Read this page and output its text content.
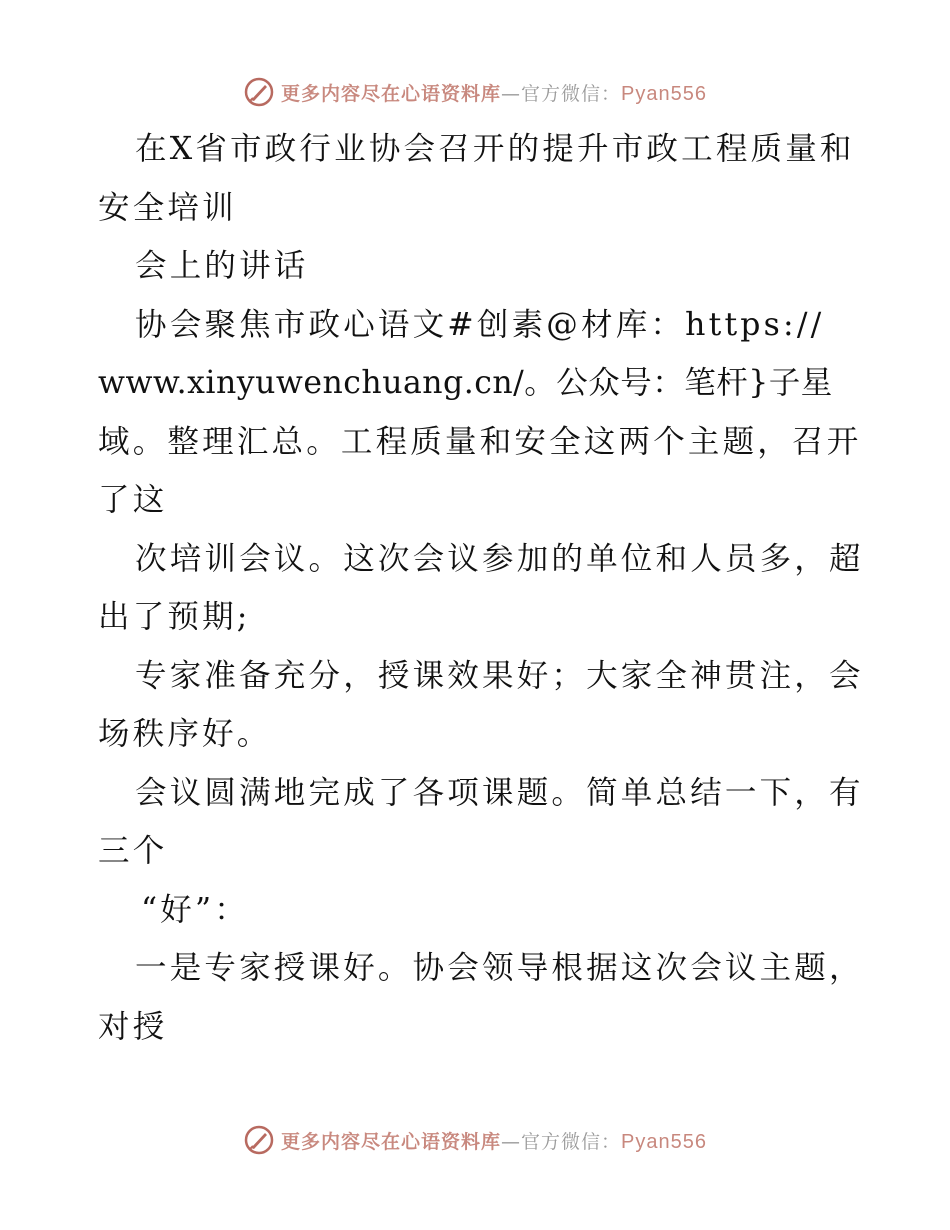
更多内容尽在心语资料库—官方微信：Pyan556
在X省市政行业协会召开的提升市政工程质量和
安全培训
会上的讲话
协会聚焦市政心语文#创素@材库：https://
www.xinyuwenchuang.cn/。公众号：笔杆}子星
域。整理汇总。工程质量和安全这两个主题，召开
了这
次培训会议。这次会议参加的单位和人员多，超
出了预期;
专家准备充分，授课效果好；大家全神贯注，会
场秩序好。
会议圆满地完成了各项课题。简单总结一下，有
三个
“好”：
一是专家授课好。协会领导根据这次会议主题，
对授
更多内容尽在心语资料库—官方微信：Pyan556
